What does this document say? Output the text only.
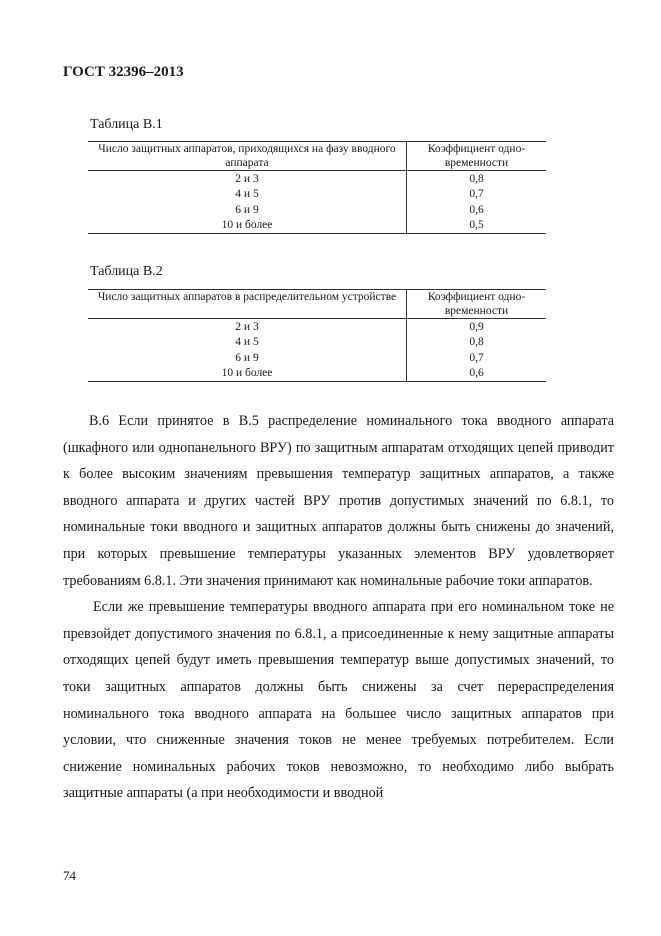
ГОСТ 32396–2013
Таблица В.1
Число защитных аппаратов, приходящихся на фазу вводного аппарата	Коэффициент одно-временности
2 и 3	0,8
4 и 5	0,7
6 и 9	0,6
10 и более	0,5
Таблица В.2
Число защитных аппаратов в распределительном устройстве	Коэффициент одно-временности
2 и 3	0,9
4 и 5	0,8
6 и 9	0,7
10 и более	0,6

В.6 Если принятое в В.5 распределение номинального тока вводного аппарата (шкафного или однопанельного ВРУ) по защитным аппаратам отходящих цепей приводит к более высоким значениям превышения температур защитных аппаратов, а также вводного аппарата и других частей ВРУ против допустимых значений по 6.8.1, то номинальные токи вводного и защитных аппаратов должны быть снижены до значений, при которых превышение температуры указанных элементов ВРУ удовлетворяет требованиям 6.8.1. Эти значения принимают как номинальные рабочие токи аппаратов.

Если же превышение температуры вводного аппарата при его номинальном токе не превзойдет допустимого значения по 6.8.1, а присоединенные к нему защитные аппараты отходящих цепей будут иметь превышения температур выше допустимых значений, то токи защитных аппаратов должны быть снижены за счет перераспределения номинального тока вводного аппарата на большее число защитных аппаратов при условии, что сниженные значения токов не менее требуемых потребителем. Если снижение номинальных рабочих токов невозможно, то необходимо либо выбрать защитные аппараты (а при необходимости и вводной

74
